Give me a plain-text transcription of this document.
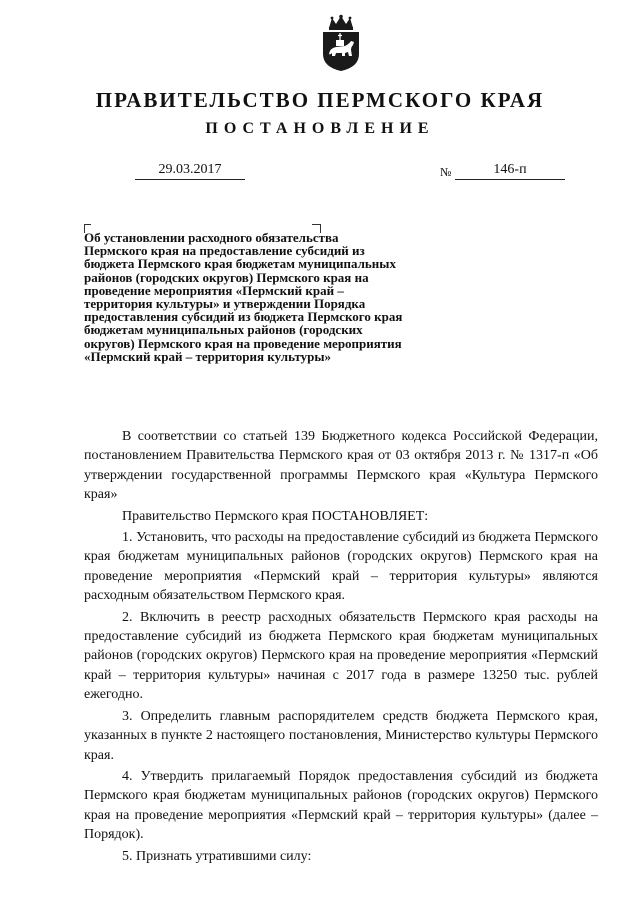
ПРАВИТЕЛЬСТВО ПЕРМСКОГО КРАЯ
ПОСТАНОВЛЕНИЕ
29.03.2017	№	146-п

Об установлении расходного обязательства Пермского края на предоставление субсидий из бюджета Пермского края бюджетам муниципальных районов (городских округов) Пермского края на проведение мероприятия «Пермский край – территория культуры» и утверждении Порядка предоставления субсидий из бюджета Пермского края бюджетам муниципальных районов (городских округов) Пермского края на проведение мероприятия «Пермский край – территория культуры»

В соответствии со статьей 139 Бюджетного кодекса Российской Федерации, постановлением Правительства Пермского края от 03 октября 2013 г. № 1317-п «Об утверждении государственной программы Пермского края «Культура Пермского края»

Правительство Пермского края ПОСТАНОВЛЯЕТ:

1. Установить, что расходы на предоставление субсидий из бюджета Пермского края бюджетам муниципальных районов (городских округов) Пермского края на проведение мероприятия «Пермский край – территория культуры» являются расходным обязательством Пермского края.

2. Включить в реестр расходных обязательств Пермского края расходы на предоставление субсидий из бюджета Пермского края бюджетам муниципальных районов (городских округов) Пермского края на проведение мероприятия «Пермский край – территория культуры» начиная с 2017 года в размере 13250 тыс. рублей ежегодно.

3. Определить главным распорядителем средств бюджета Пермского края, указанных в пункте 2 настоящего постановления, Министерство культуры Пермского края.

4. Утвердить прилагаемый Порядок предоставления субсидий из бюджета Пермского края бюджетам муниципальных районов (городских округов) Пермского края на проведение мероприятия «Пермский край – территория культуры» (далее – Порядок).

5. Признать утратившими силу:
